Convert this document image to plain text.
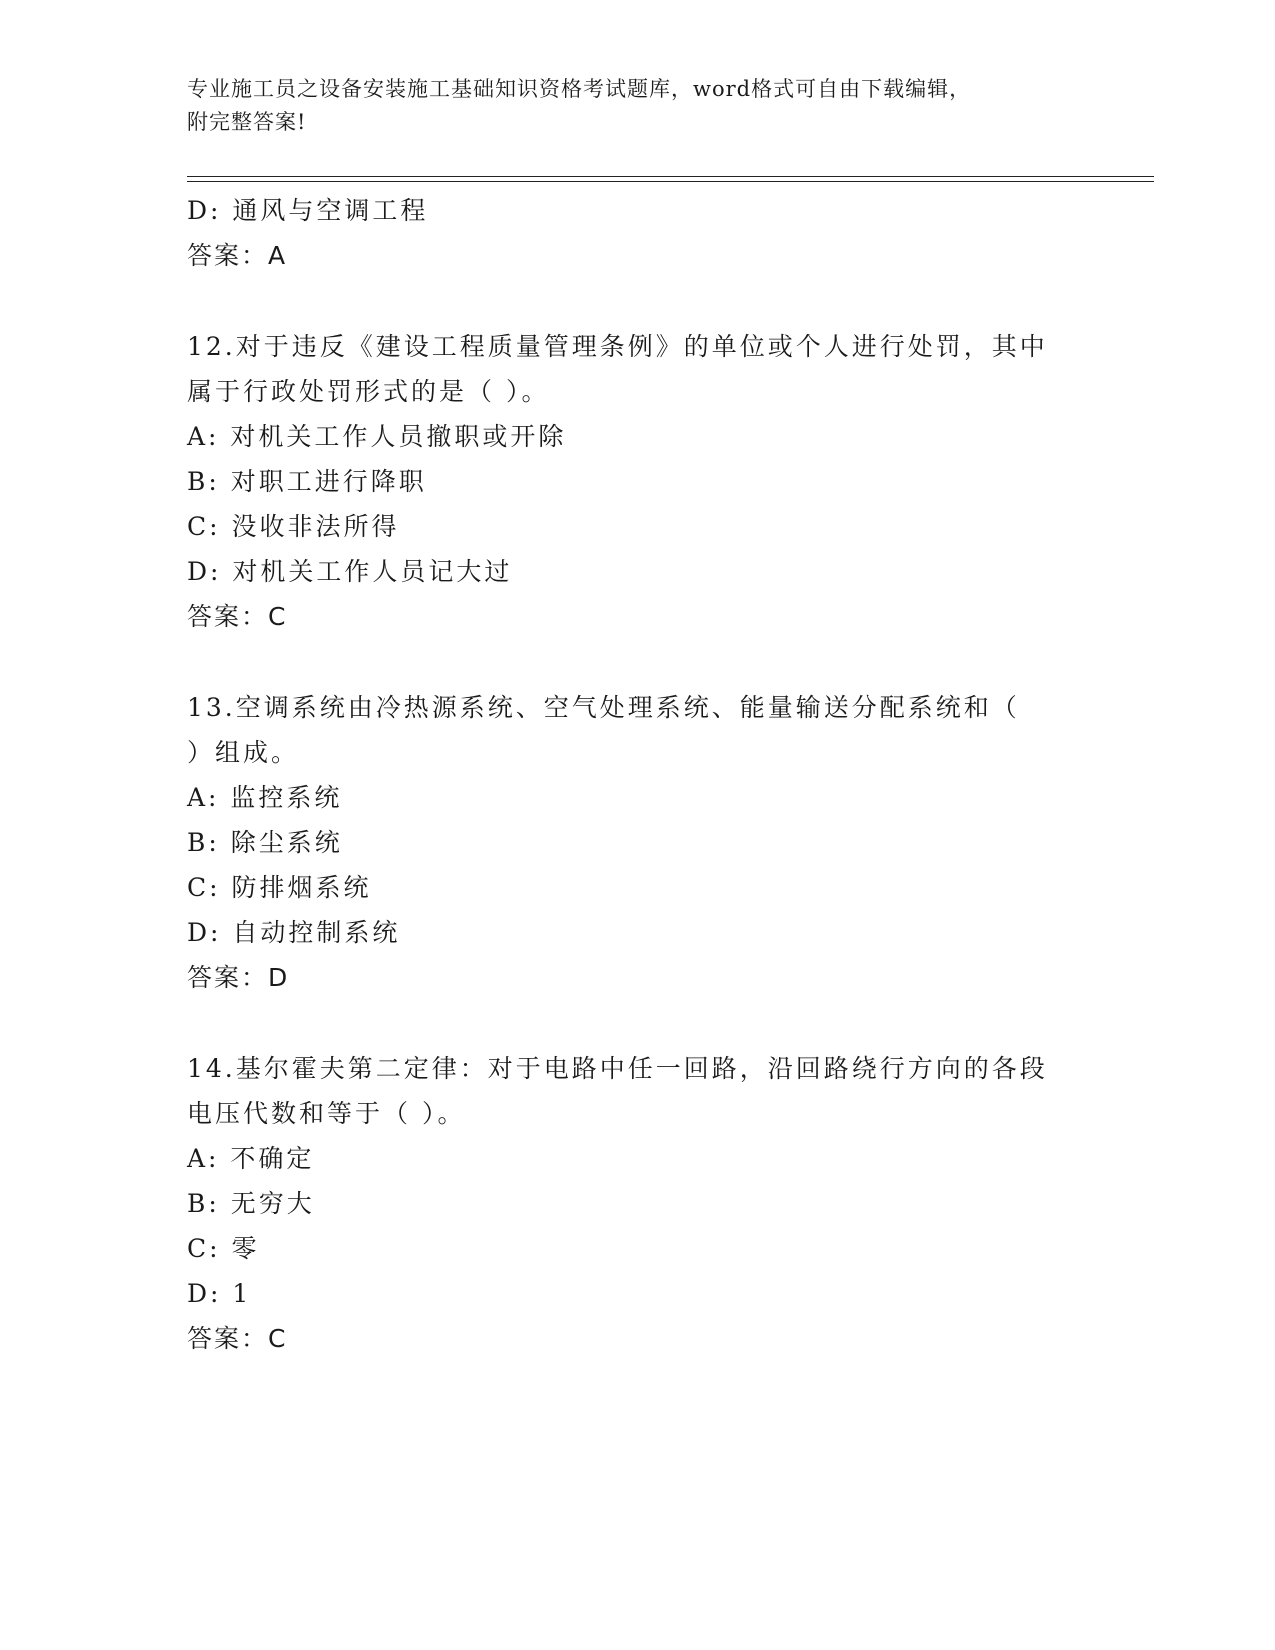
专业施工员之设备安装施工基础知识资格考试题库，word格式可自由下载编辑，
附完整答案!
D: 通风与空调工程
答案：A
12.对于违反《建设工程质量管理条例》的单位或个人进行处罚，其中
属于行政处罚形式的是（ ）。
A: 对机关工作人员撤职或开除
B: 对职工进行降职
C: 没收非法所得
D: 对机关工作人员记大过
答案：C
13.空调系统由冷热源系统、空气处理系统、能量输送分配系统和（
）组成。
A: 监控系统
B: 除尘系统
C: 防排烟系统
D: 自动控制系统
答案：D
14.基尔霍夫第二定律：对于电路中任一回路，沿回路绕行方向的各段
电压代数和等于（ ）。
A: 不确定
B: 无穷大
C: 零
D: 1
答案：C
